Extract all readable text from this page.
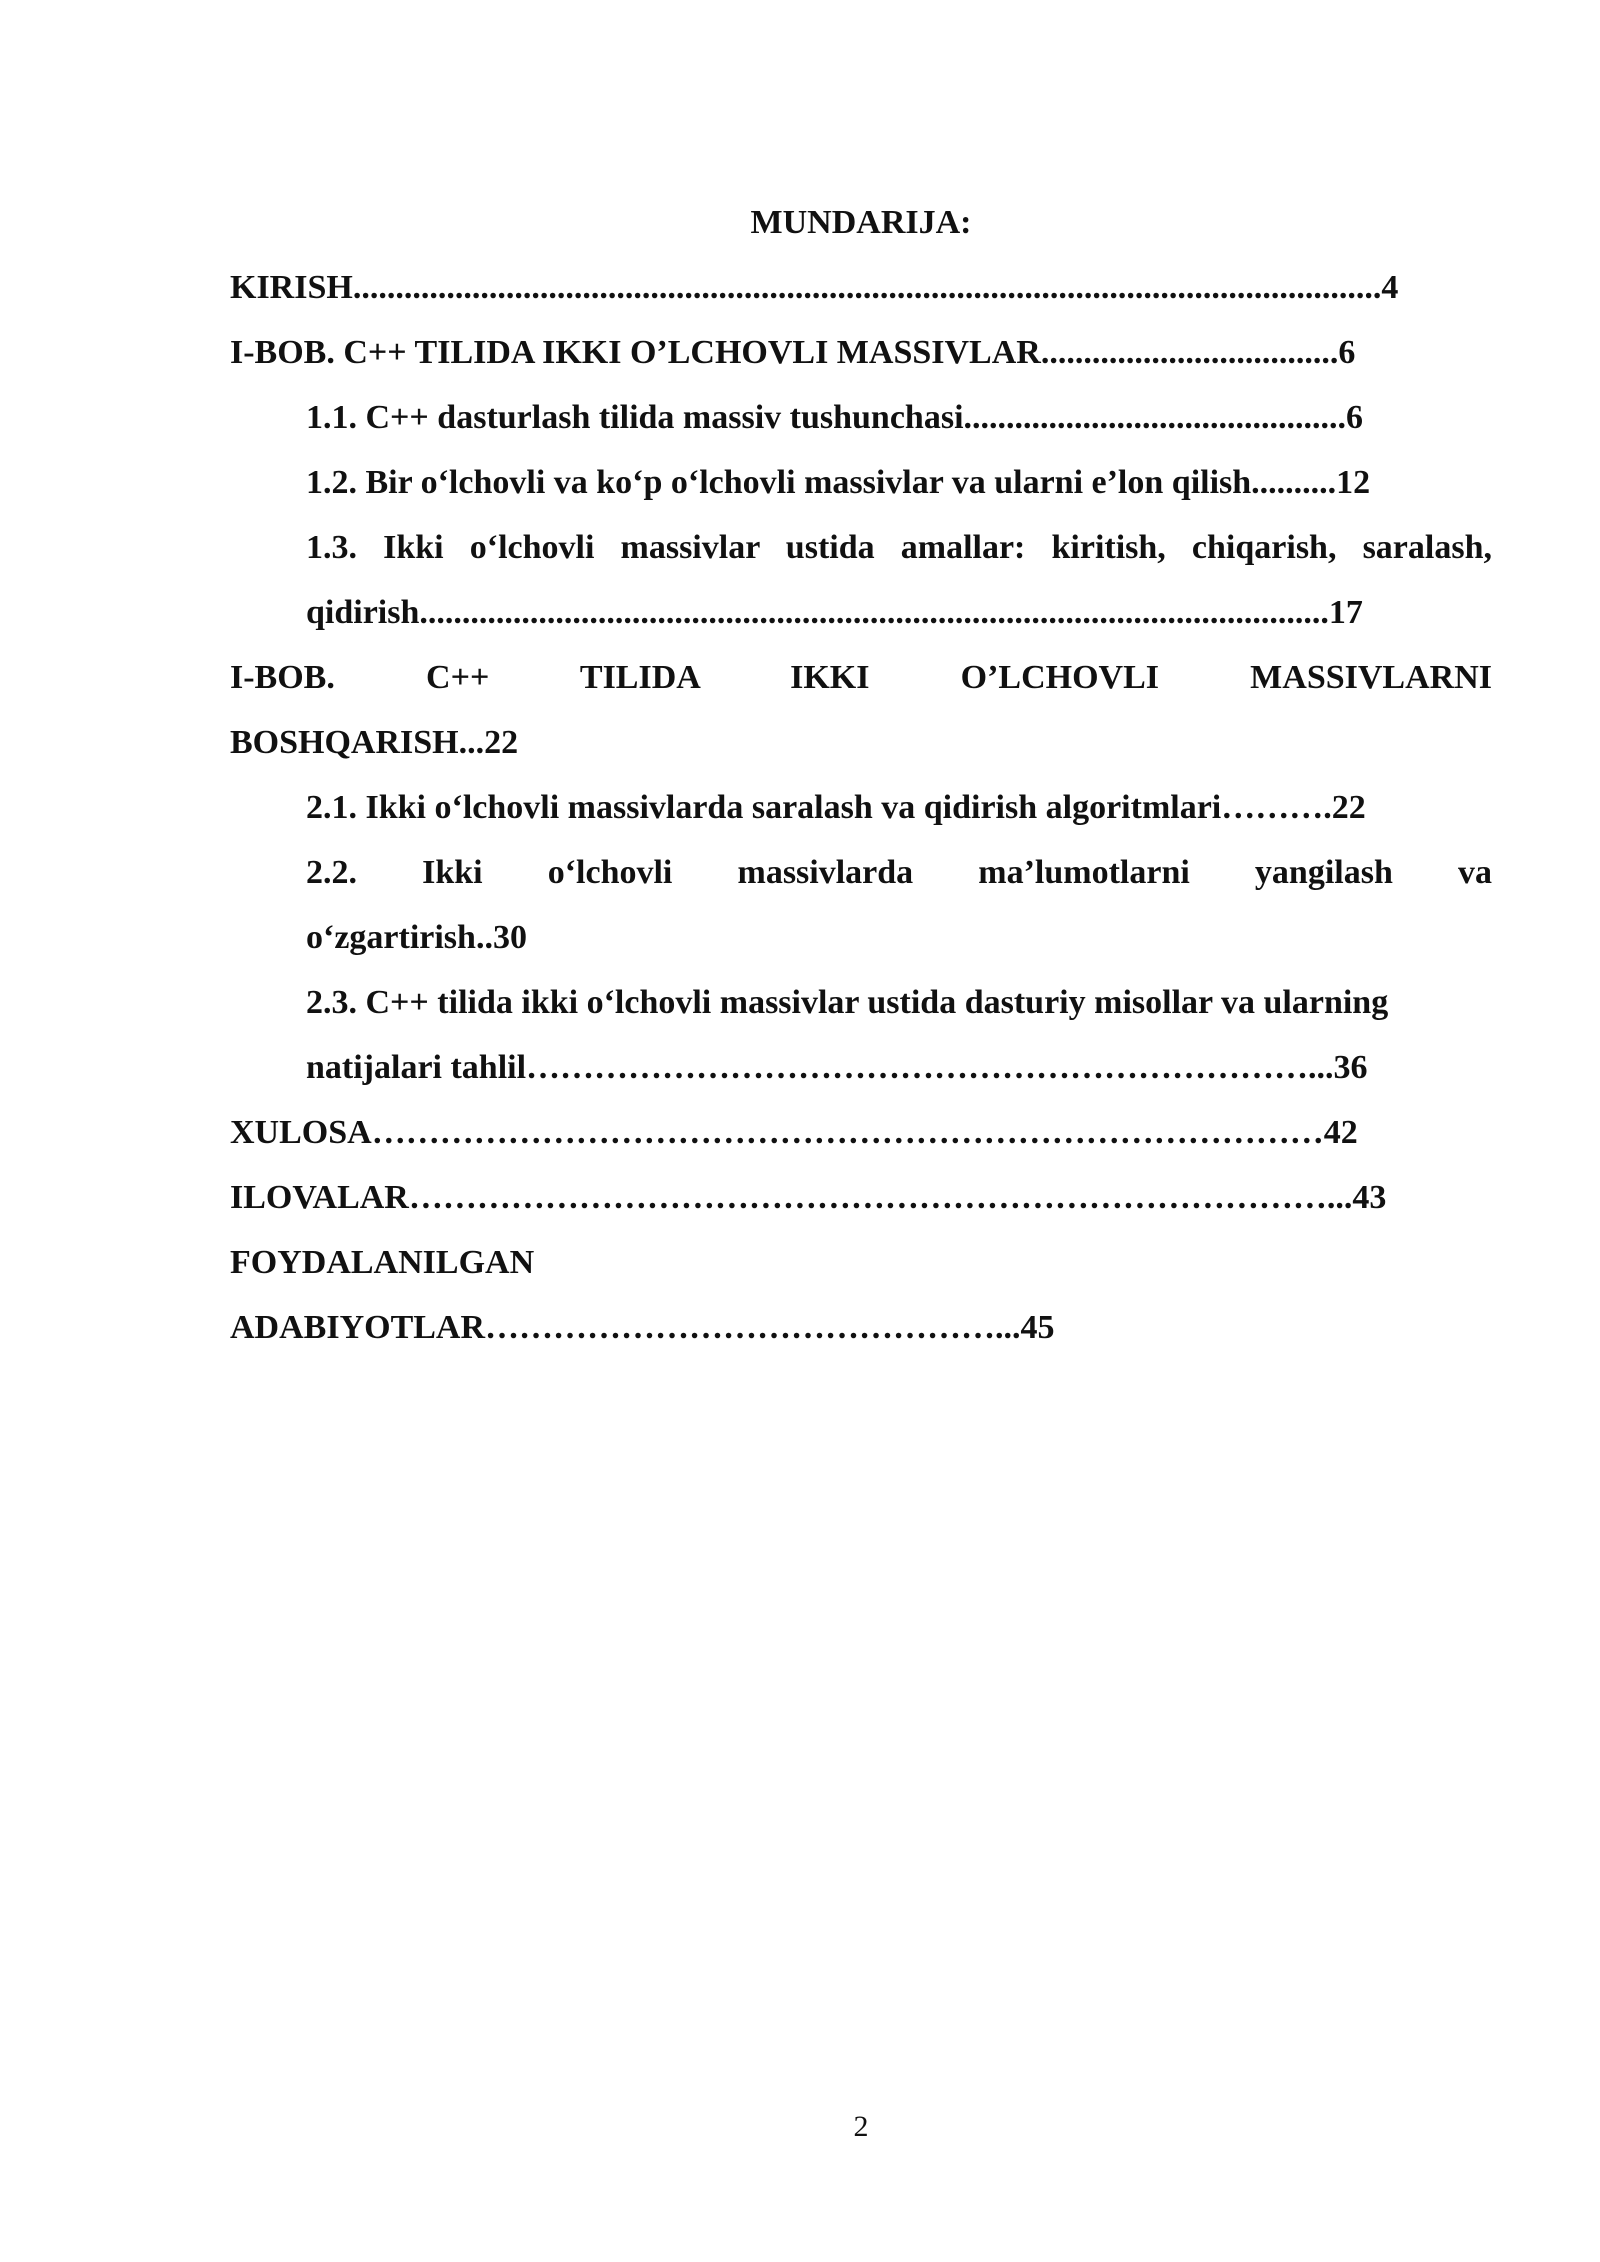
MUNDARIJA:
KIRISH.........................................................................................................................4
I-BOB. C++ TILIDA IKKI O’LCHOVLI MASSIVLAR...................................6
1.1. C++ dasturlash tilida massiv tushunchasi.............................................6
1.2. Bir o‘lchovli va ko‘p o‘lchovli massivlar va ularni e’lon qilish..........12
1.3. Ikki o‘lchovli massivlar ustida amallar: kiritish, chiqarish, saralash,
qidirish...........................................................................................................17
I-BOB. C++ TILIDA IKKI O’LCHOVLI MASSIVLARNI
BOSHQARISH...22
2.1. Ikki o‘lchovli massivlarda saralash va qidirish algoritmlari……….22
2.2. Ikki o‘lchovli massivlarda ma’lumotlarni yangilash va
o‘zgartirish..30
2.3. C++ tilida ikki o‘lchovli massivlar ustida dasturiy misollar va ularning
natijalari tahlil……………………………………………………………...36
XULOSA…………………………………………………………………………42
ILOVALAR………………………………………………………………………...43
FOYDALANILGAN
ADABIYOTLAR………………………………………...45
2
